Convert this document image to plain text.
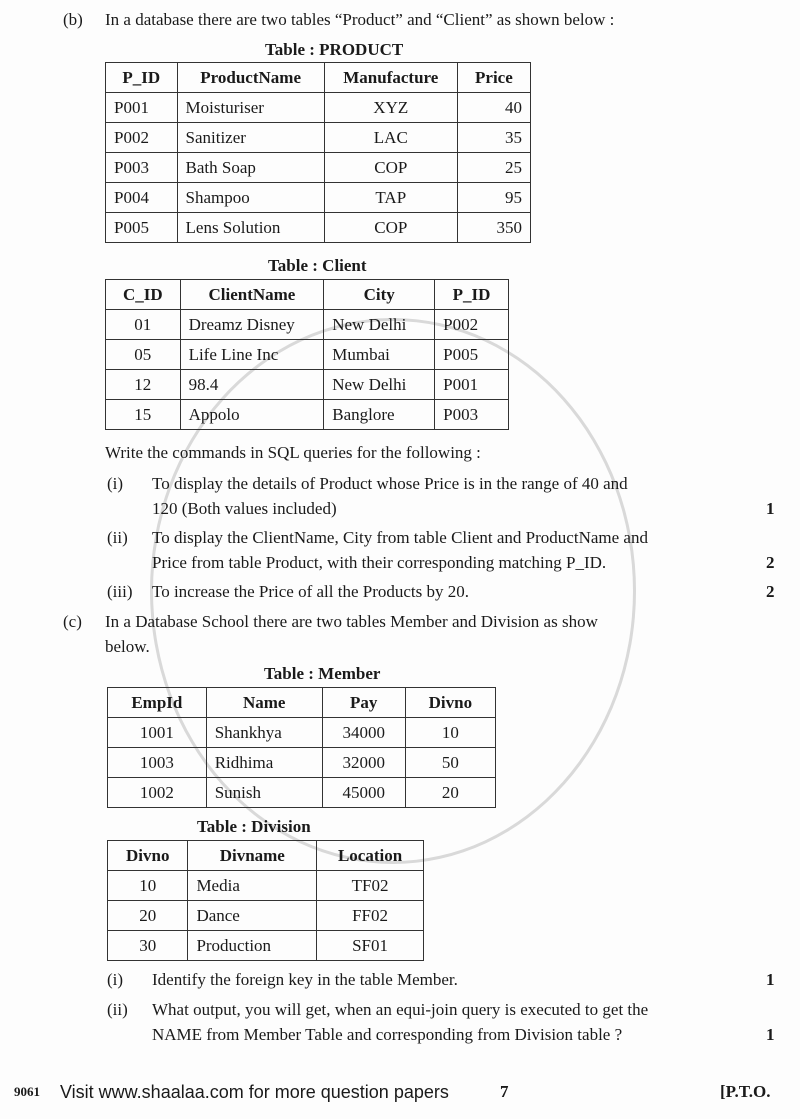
(b) In a database there are two tables “Product” and “Client” as shown below :
Table : PRODUCT
P_ID	ProductName	Manufacture	Price
P001	Moisturiser	XYZ	40
P002	Sanitizer	LAC	35
P003	Bath Soap	COP	25
P004	Shampoo	TAP	95
P005	Lens Solution	COP	350
Table : Client
C_ID	ClientName	City	P_ID
01	Dreamz Disney	New Delhi	P002
05	Life Line Inc	Mumbai	P005
12	98.4	New Delhi	P001
15	Appolo	Banglore	P003
Write the commands in SQL queries for the following :
(i) To display the details of Product whose Price is in the range of 40 and
120 (Both values included)	1
(ii) To display the ClientName, City from table Client and ProductName and
Price from table Product, with their corresponding matching P_ID.	2
(iii) To increase the Price of all the Products by 20.	2
(c) In a Database School there are two tables Member and Division as show
below.
Table : Member
EmpId	Name	Pay	Divno
1001	Shankhya	34000	10
1003	Ridhima	32000	50
1002	Sunish	45000	20
Table : Division
Divno	Divname	Location
10	Media	TF02
20	Dance	FF02
30	Production	SF01
(i) Identify the foreign key in the table Member.	1
(ii) What output, you will get, when an equi-join query is executed to get the
NAME from Member Table and corresponding from Division table ?	1
9061 Visit www.shaalaa.com for more question papers	7	[P.T.O.
